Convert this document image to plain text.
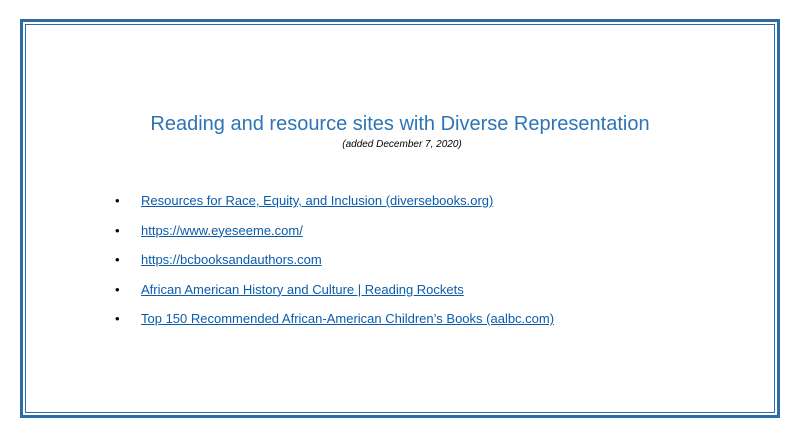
Reading and resource sites with Diverse Representation
(added December 7, 2020)
• Resources for Race, Equity, and Inclusion (diversebooks.org)
• https://www.eyeseeme.com/
• https://bcbooksandauthors.com
• African American History and Culture | Reading Rockets
• Top 150 Recommended African-American Children’s Books (aalbc.com)
